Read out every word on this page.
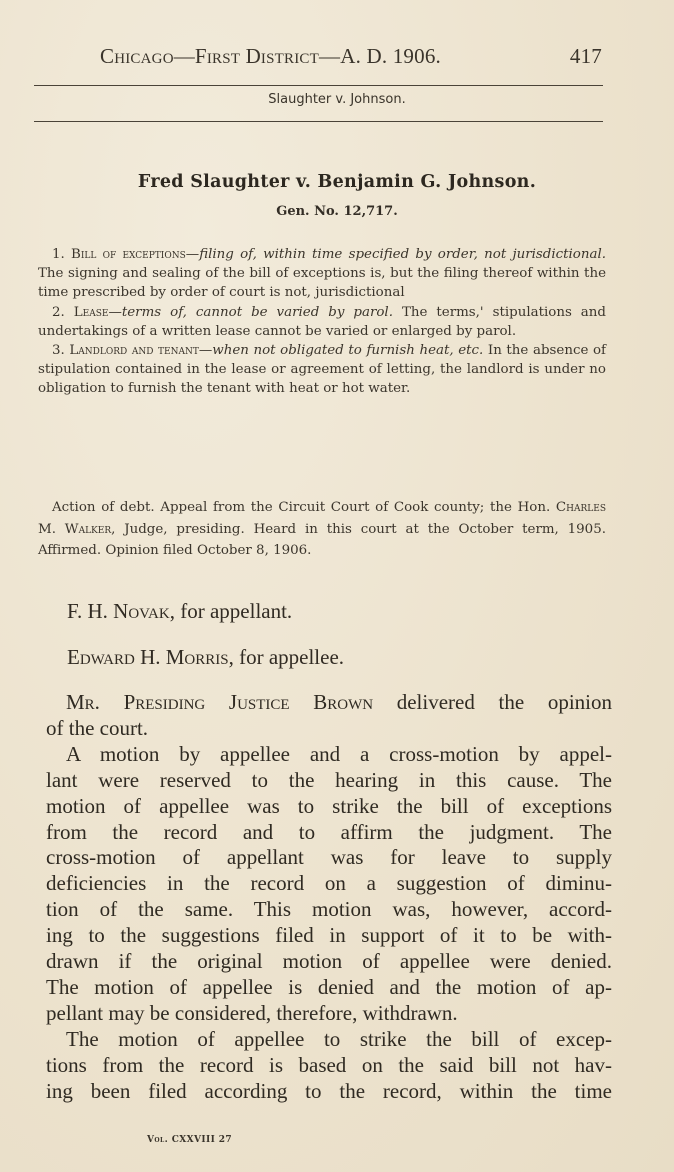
Chicago—First District—A. D. 1906.	417
Slaughter v. Johnson.
Fred Slaughter v. Benjamin G. Johnson.
Gen. No. 12,717.

1. Bill of exceptions—filing of, within time specified by order, not jurisdictional. The signing and sealing of the bill of exceptions is, but the filing thereof within the time prescribed by order of court is not, jurisdictional

2. Lease—terms of, cannot be varied by parol. The terms,' stipulations and undertakings of a written lease cannot be varied or enlarged by parol.

3. Landlord and tenant—when not obligated to furnish heat, etc. In the absence of stipulation contained in the lease or agreement of letting, the landlord is under no obligation to furnish the tenant with heat or hot water.

Action of debt. Appeal from the Circuit Court of Cook county; the Hon. Charles M. Walker, Judge, presiding. Heard in this court at the October term, 1905. Affirmed. Opinion filed October 8, 1906.

F. H. Novak, for appellant.
Edward H. Morris, for appellee.
Mr. Presiding Justice Brown delivered the opinion
of the court.
A motion by appellee and a cross-motion by appel-
lant were reserved to the hearing in this cause. The
motion of appellee was to strike the bill of exceptions
from the record and to affirm the judgment. The
cross-motion of appellant was for leave to supply
deficiencies in the record on a suggestion of diminu-
tion of the same. This motion was, however, accord-
ing to the suggestions filed in support of it to be with-
drawn if the original motion of appellee were denied.
The motion of appellee is denied and the motion of ap-
pellant may be considered, therefore, withdrawn.
The motion of appellee to strike the bill of excep-
tions from the record is based on the said bill not hav-
ing been filed according to the record, within the time
Vol. CXXVIII 27
